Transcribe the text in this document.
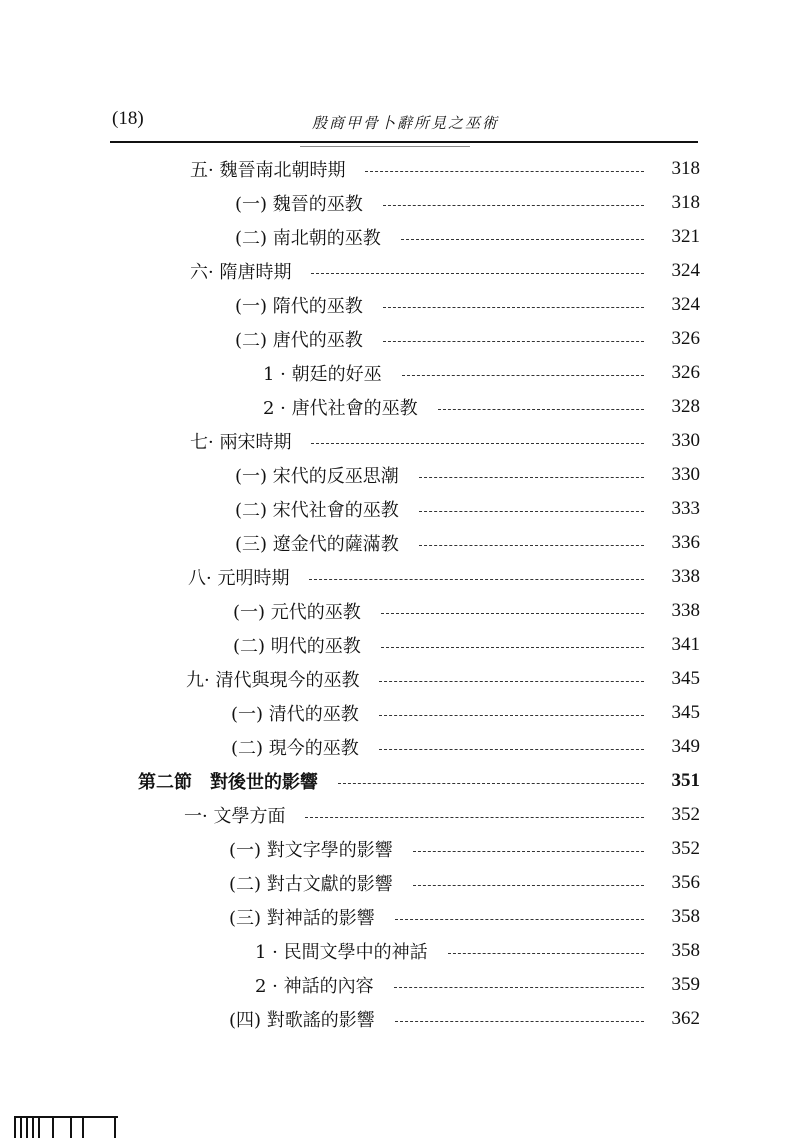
(18)	殷商甲骨卜辭所見之巫術
五· 魏晉南北朝時期	318
(一) 魏晉的巫教	318
(二) 南北朝的巫教	321
六· 隋唐時期	324
(一) 隋代的巫教	324
(二) 唐代的巫教	326
1 · 朝廷的好巫	326
2 · 唐代社會的巫教	328
七· 兩宋時期	330
(一) 宋代的反巫思潮	330
(二) 宋代社會的巫教	333
(三) 遼金代的薩滿教	336
八· 元明時期	338
(一) 元代的巫教	338
(二) 明代的巫教	341
九· 清代與現今的巫教	345
(一) 清代的巫教	345
(二) 現今的巫教	349
第二節　對後世的影響	351
一· 文學方面	352
(一) 對文字學的影響	352
(二) 對古文獻的影響	356
(三) 對神話的影響	358
1 · 民間文學中的神話	358
2 · 神話的內容	359
(四) 對歌謠的影響	362
